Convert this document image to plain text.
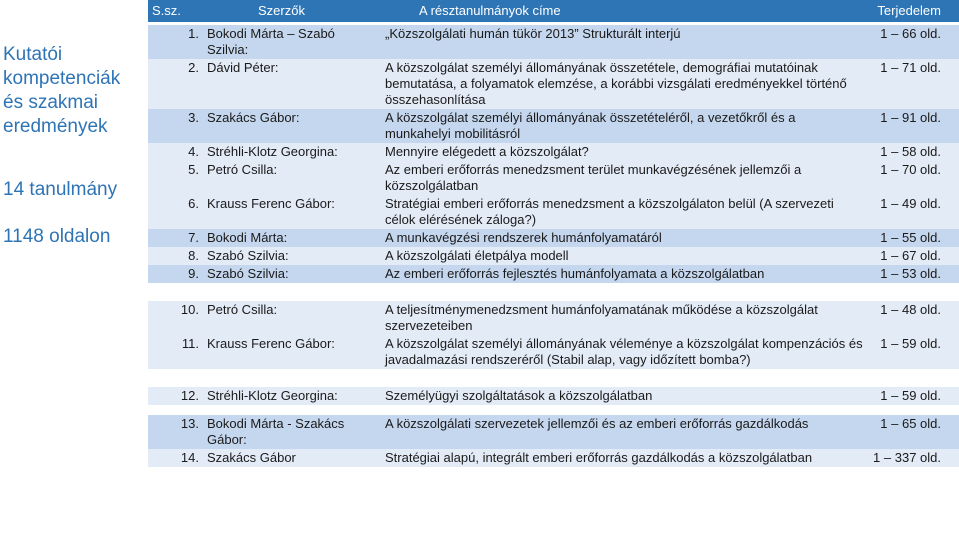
Kutatói
kompetenciák
és szakmai
eredmények
14 tanulmány
1148 oldalon
S.sz.	Szerzők	A résztanulmányok címe	Terjedelem
1.	Bokodi Márta – Szabó Szilvia:	„Közszolgálati humán tükör 2013” Strukturált interjú	1 – 66 old.
2.	Dávid Péter:	A közszolgálat személyi állományának összetétele, demográfiai mutatóinak bemutatása, a folyamatok elemzése, a korábbi vizsgálati eredményekkel történő összehasonlítása	1 – 71 old.
3.	Szakács Gábor:	A közszolgálat személyi állományának összetételéről, a vezetőkről és a munkahelyi mobilitásról	1 – 91 old.
4.	Stréhli-Klotz Georgina:	Mennyire elégedett a közszolgálat?	1 – 58 old.
5.	Petró Csilla:	Az emberi erőforrás menedzsment terület munkavégzésének jellemzői a közszolgálatban	1 – 70 old.
6.	Krauss Ferenc Gábor:	Stratégiai emberi erőforrás menedzsment a közszolgálaton belül (A szervezeti célok elérésének záloga?)	1 – 49 old.
7.	Bokodi Márta:	A munkavégzési rendszerek humánfolyamatáról	1 – 55 old.
8.	Szabó Szilvia:	A közszolgálati életpálya modell	1 – 67 old.
9.	Szabó Szilvia:	Az emberi erőforrás fejlesztés humánfolyamata a közszolgálatban	1 – 53 old.

10.	Petró Csilla:	A teljesítménymenedzsment humánfolyamatának működése a közszolgálat szervezeteiben	1 – 48 old.
11.	Krauss Ferenc Gábor:	A közszolgálat személyi állományának véleménye a közszolgálat kompenzációs és javadalmazási rendszeréről (Stabil alap, vagy időzített bomba?)	1 – 59 old.

12.	Stréhli-Klotz Georgina:	Személyügyi szolgáltatások a közszolgálatban	1 – 59 old.

13.	Bokodi Márta - Szakács Gábor:	A közszolgálati szervezetek jellemzői és az emberi erőforrás gazdálkodás	1 – 65 old.
14.	Szakács Gábor	Stratégiai alapú, integrált emberi erőforrás gazdálkodás a közszolgálatban	1 – 337 old.
